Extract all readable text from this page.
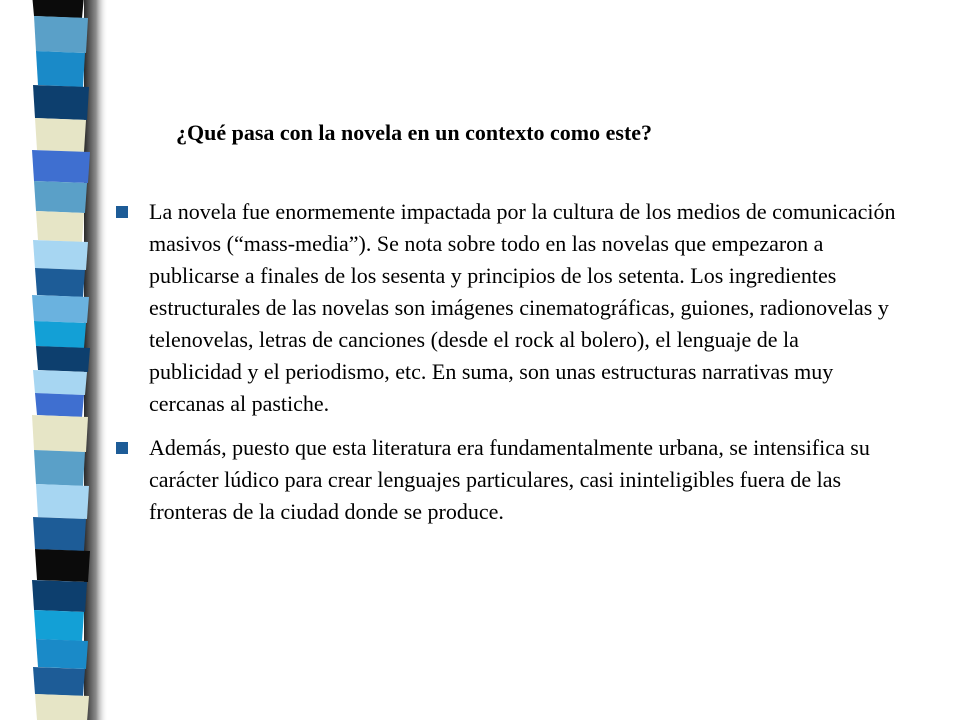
¿Qué pasa con la novela en un contexto como este?
La novela fue enormemente impactada por la cultura de los medios de comunicación masivos (“mass-media”). Se nota sobre todo en las novelas que empezaron a publicarse a finales de los sesenta y principios de los setenta. Los ingredientes estructurales de las novelas son imágenes cinematográficas, guiones, radionovelas y telenovelas, letras de canciones (desde el rock al bolero), el lenguaje de la publicidad y el periodismo, etc. En suma, son unas estructuras narrativas muy cercanas al pastiche.
Además, puesto que esta literatura era fundamentalmente urbana, se intensifica su carácter lúdico para crear lenguajes particulares, casi ininteligibles fuera de las fronteras de la ciudad donde se produce.
